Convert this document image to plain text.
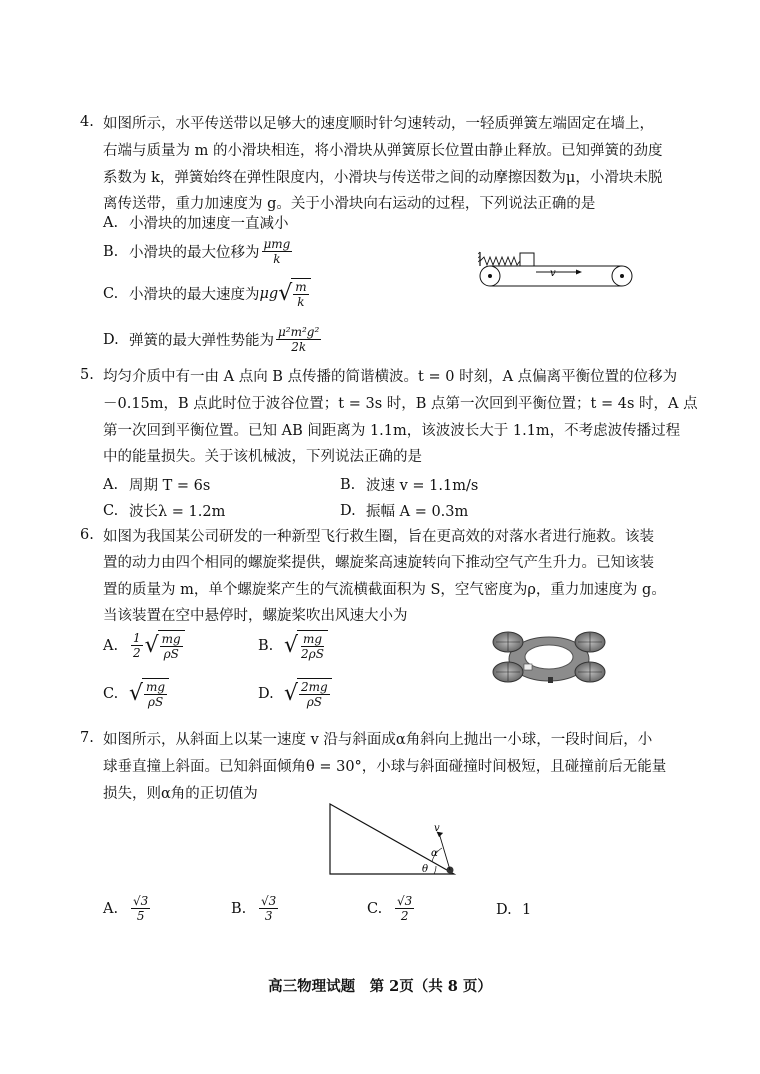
4. 如图所示，水平传送带以足够大的速度顺时针匀速转动，一轻质弹簧左端固定在墙上，
右端与质量为 m 的小滑块相连，将小滑块从弹簧原长位置由静止释放。已知弹簧的劲度
系数为 k，弹簧始终在弹性限度内，小滑块与传送带之间的动摩擦因数为μ，小滑块未脱
离传送带，重力加速度为 g。关于小滑块向右运动的过程，下列说法正确的是
A. 小滑块的加速度一直减小
B. 小滑块的最大位移为 $\frac{\text{μmg}}{k}$
C. 小滑块的最大速度为 μg √ $\frac{m}{k}$
D. 弹簧的最大弹性势能为 $\frac{\text{μ²m²g²}}{2k}$
v
5. 均匀介质中有一由 A 点向 B 点传播的简谐横波。t = 0 时刻，A 点偏离平衡位置的位移为
－0.15m，B 点此时位于波谷位置；t = 3s 时，B 点第一次回到平衡位置；t = 4s 时，A 点
第一次回到平衡位置。已知 AB 间距离为 1.1m，该波波长大于 1.1m，不考虑波传播过程
中的能量损失。关于该机械波，下列说法正确的是
A. 周期 T = 6s	B. 波速 v = 1.1m/s
C. 波长λ = 1.2m	D. 振幅 A = 0.3m
6. 如图为我国某公司研发的一种新型飞行救生圈，旨在更高效的对落水者进行施救。该装
置的动力由四个相同的螺旋桨提供，螺旋桨高速旋转向下推动空气产生升力。已知该装
置的质量为 m，单个螺旋桨产生的气流横截面积为 S，空气密度为ρ，重力加速度为 g。
当该装置在空中悬停时，螺旋桨吹出风速大小为
A.	$\frac{1}{2}$ √ $\frac{mg}{\rho S}$	B. √ $\frac{mg}{2\rho S}$
C. √ $\frac{mg}{\rho S}$	D. √ $\frac{2mg}{\rho S}$
7. 如图所示，从斜面上以某一速度 v 沿与斜面成α角斜向上抛出一小球，一段时间后，小
球垂直撞上斜面。已知斜面倾角θ = 30°，小球与斜面碰撞时间极短，且碰撞前后无能量
损失，则α角的正切值为
v
α
θ
A.	$\frac{√3}{5}$	B.	$\frac{√3}{3}$	C.	$\frac{√3}{2}$	D. 1
高三物理试题　第 2页（共 8 页）
